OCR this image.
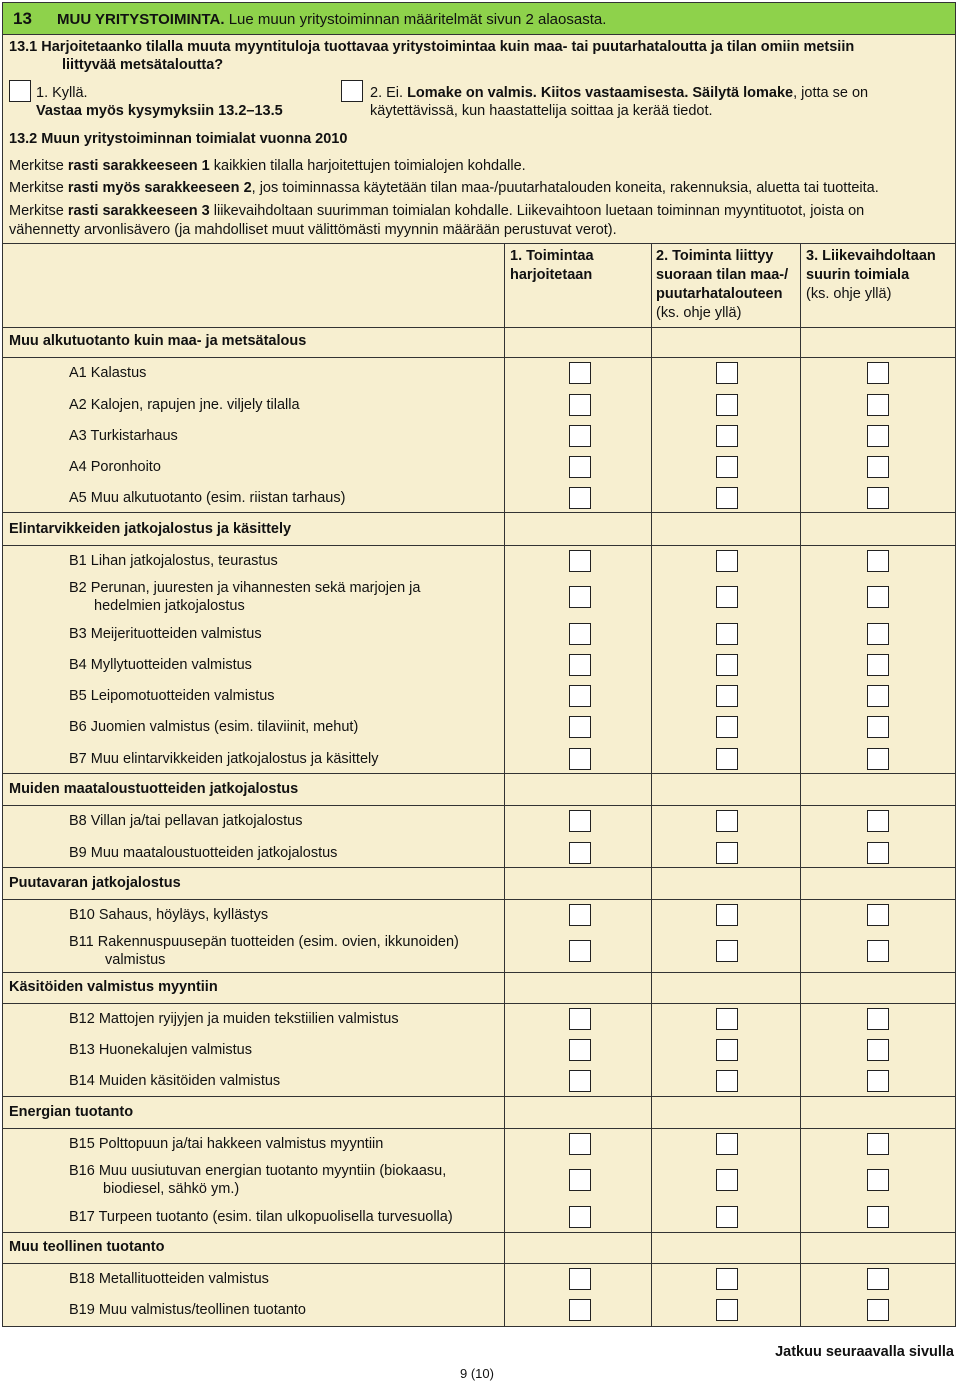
13 MUU YRITYSTOIMINTA. Lue muun yritystoiminnan määritelmät sivun 2 alaosasta.
13.1 Harjoitetaanko tilalla muuta myyntituloja tuottavaa yritystoimintaa kuin maa- tai puutarhataloutta ja tilan omiin metsiin
liittyvää metsätaloutta?
1. Kyllä.
Vastaa myös kysymyksiin 13.2–13.5
2. Ei. Lomake on valmis. Kiitos vastaamisesta. Säilytä lomake, jotta se on
käytettävissä, kun haastattelija soittaa ja kerää tiedot.
13.2 Muun yritystoiminnan toimialat vuonna 2010
Merkitse rasti sarakkeeseen 1 kaikkien tilalla harjoitettujen toimialojen kohdalle.
Merkitse rasti myös sarakkeeseen 2, jos toiminnassa käytetään tilan maa-/puutarhatalouden koneita, rakennuksia, aluetta tai tuotteita.
Merkitse rasti sarakkeeseen 3 liikevaihdoltaan suurimman toimialan kohdalle. Liikevaihtoon luetaan toiminnan myyntituotot, joista on
vähennetty arvonlisävero (ja mahdolliset muut välittömästi myynnin määrään perustuvat verot).
1. Toimintaa
harjoitetaan
2. Toiminta liittyy
suoraan tilan maa-/
puutarhatalouteen
(ks. ohje yllä)
3. Liikevaihdoltaan
suurin toimiala
(ks. ohje yllä)
Muu alkutuotanto kuin maa- ja metsätalous
Elintarvikkeiden jatkojalostus ja käsittely
Muiden maataloustuotteiden jatkojalostus
Puutavaran jatkojalostus
Käsitöiden valmistus myyntiin
Energian tuotanto
Muu teollinen tuotanto
A1 Kalastus
A2 Kalojen, rapujen jne. viljely tilalla
A3 Turkistarhaus
A4 Poronhoito
A5 Muu alkutuotanto (esim. riistan tarhaus)
B1 Lihan jatkojalostus, teurastus
B2 Perunan, juuresten ja vihannesten sekä marjojen ja
hedelmien jatkojalostus
B3 Meijerituotteiden valmistus
B4 Myllytuotteiden valmistus
B5 Leipomotuotteiden valmistus
B6 Juomien valmistus (esim. tilaviinit, mehut)
B7 Muu elintarvikkeiden jatkojalostus ja käsittely
B8 Villan ja/tai pellavan jatkojalostus
B9 Muu maataloustuotteiden jatkojalostus
B10 Sahaus, höyläys, kyllästys
B11 Rakennuspuusepän tuotteiden (esim. ovien, ikkunoiden)
valmistus
B12 Mattojen ryijyjen ja muiden tekstiilien valmistus
B13 Huonekalujen valmistus
B14 Muiden käsitöiden valmistus
B15 Polttopuun ja/tai hakkeen valmistus myyntiin
B16 Muu uusiutuvan energian tuotanto myyntiin (biokaasu,
biodiesel, sähkö ym.)
B17 Turpeen tuotanto (esim. tilan ulkopuolisella turvesuolla)
B18 Metallituotteiden valmistus
B19 Muu valmistus/teollinen tuotanto
Jatkuu seuraavalla sivulla
9 (10)
